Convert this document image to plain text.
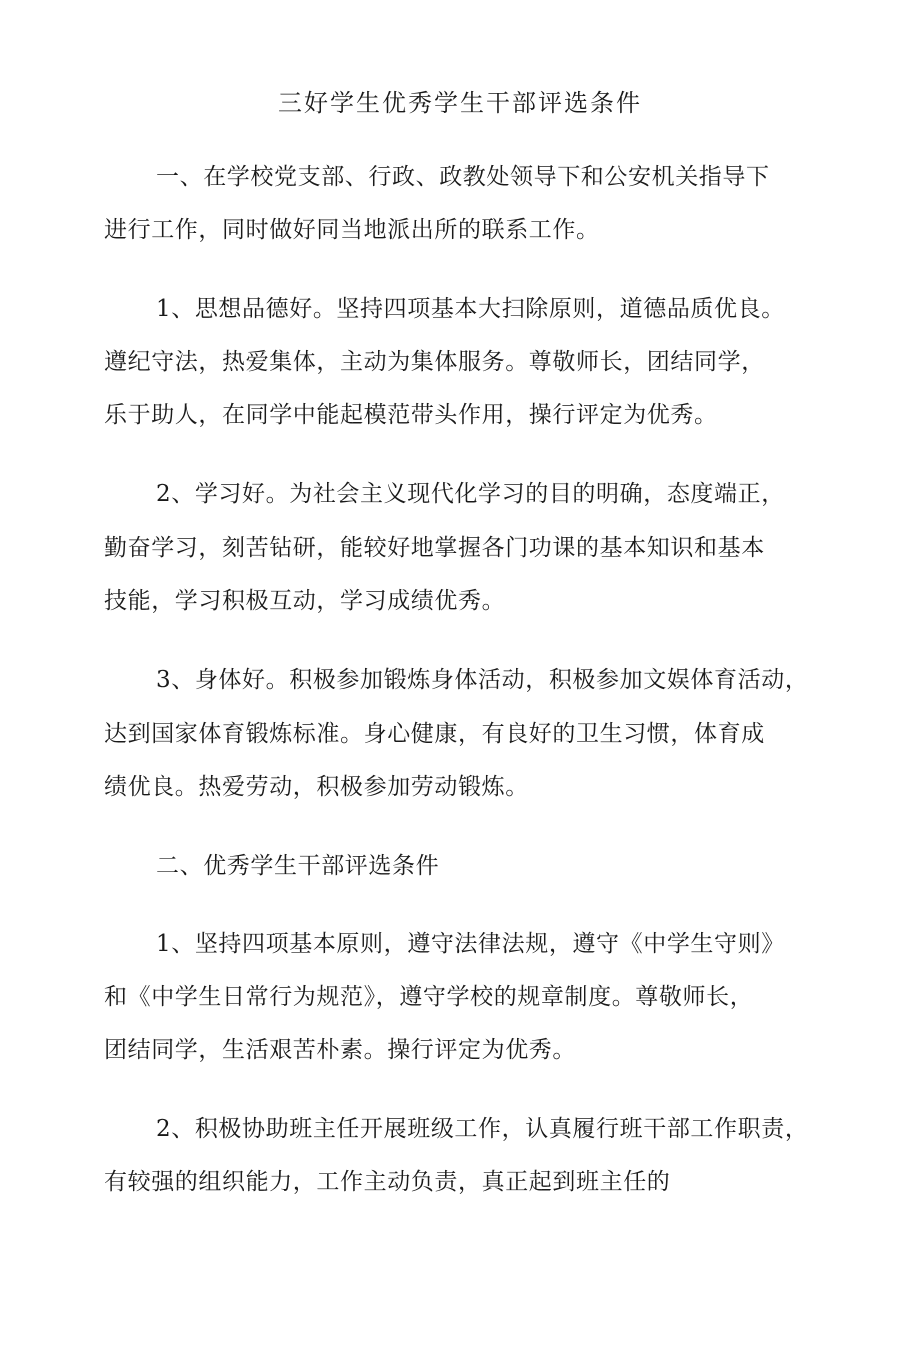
三好学生优秀学生干部评选条件
一、在学校党支部、行政、政教处领导下和公安机关指导下
进行工作，同时做好同当地派出所的联系工作。
1、思想品德好。坚持四项基本大扫除原则，道德品质优良。
遵纪守法，热爱集体，主动为集体服务。尊敬师长，团结同学，
乐于助人，在同学中能起模范带头作用，操行评定为优秀。
2、学习好。为社会主义现代化学习的目的明确，态度端正，
勤奋学习，刻苦钻研，能较好地掌握各门功课的基本知识和基本
技能，学习积极互动，学习成绩优秀。
3、身体好。积极参加锻炼身体活动，积极参加文娱体育活动，
达到国家体育锻炼标准。身心健康，有良好的卫生习惯，体育成
绩优良。热爱劳动，积极参加劳动锻炼。
二、优秀学生干部评选条件
1、坚持四项基本原则，遵守法律法规，遵守《中学生守则》
和《中学生日常行为规范》，遵守学校的规章制度。尊敬师长，
团结同学，生活艰苦朴素。操行评定为优秀。
2、积极协助班主任开展班级工作，认真履行班干部工作职责，
有较强的组织能力，工作主动负责，真正起到班主任的
